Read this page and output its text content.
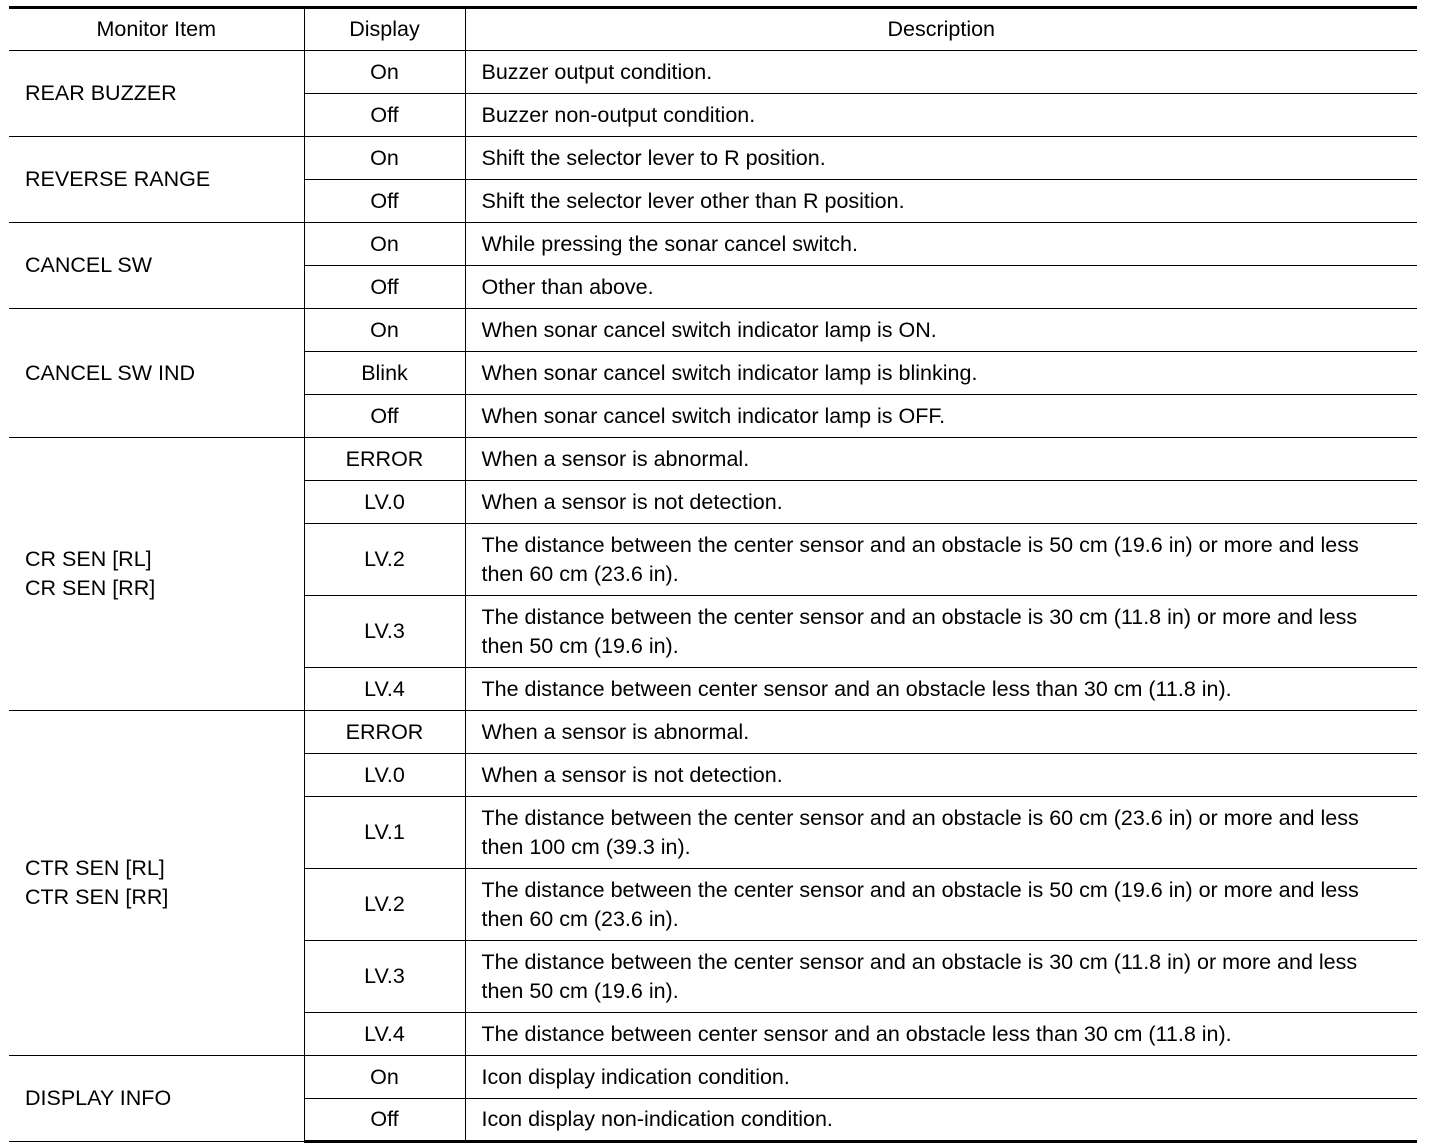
Monitor Item	Display	Description

REAR BUZZER	On	Buzzer output condition.
	Off	Buzzer non-output condition.

REVERSE RANGE	On	Shift the selector lever to R position.
	Off	Shift the selector lever other than R position.

CANCEL SW	On	While pressing the sonar cancel switch.
	Off	Other than above.

CANCEL SW IND	On	When sonar cancel switch indicator lamp is ON.
	Blink	When sonar cancel switch indicator lamp is blinking.
	Off	When sonar cancel switch indicator lamp is OFF.

CR SEN [RL]
CR SEN [RR]	ERROR	When a sensor is abnormal.
	LV.0	When a sensor is not detection.
	LV.2	The distance between the center sensor and an obstacle is 50 cm (19.6 in) or more and less then 60 cm (23.6 in).
	LV.3	The distance between the center sensor and an obstacle is 30 cm (11.8 in) or more and less then 50 cm (19.6 in).
	LV.4	The distance between center sensor and an obstacle less than 30 cm (11.8 in).

CTR SEN [RL]
CTR SEN [RR]	ERROR	When a sensor is abnormal.
	LV.0	When a sensor is not detection.
	LV.1	The distance between the center sensor and an obstacle is 60 cm (23.6 in) or more and less then 100 cm (39.3 in).
	LV.2	The distance between the center sensor and an obstacle is 50 cm (19.6 in) or more and less then 60 cm (23.6 in).
	LV.3	The distance between the center sensor and an obstacle is 30 cm (11.8 in) or more and less then 50 cm (19.6 in).
	LV.4	The distance between center sensor and an obstacle less than 30 cm (11.8 in).

DISPLAY INFO	On	Icon display indication condition.
	Off	Icon display non-indication condition.
